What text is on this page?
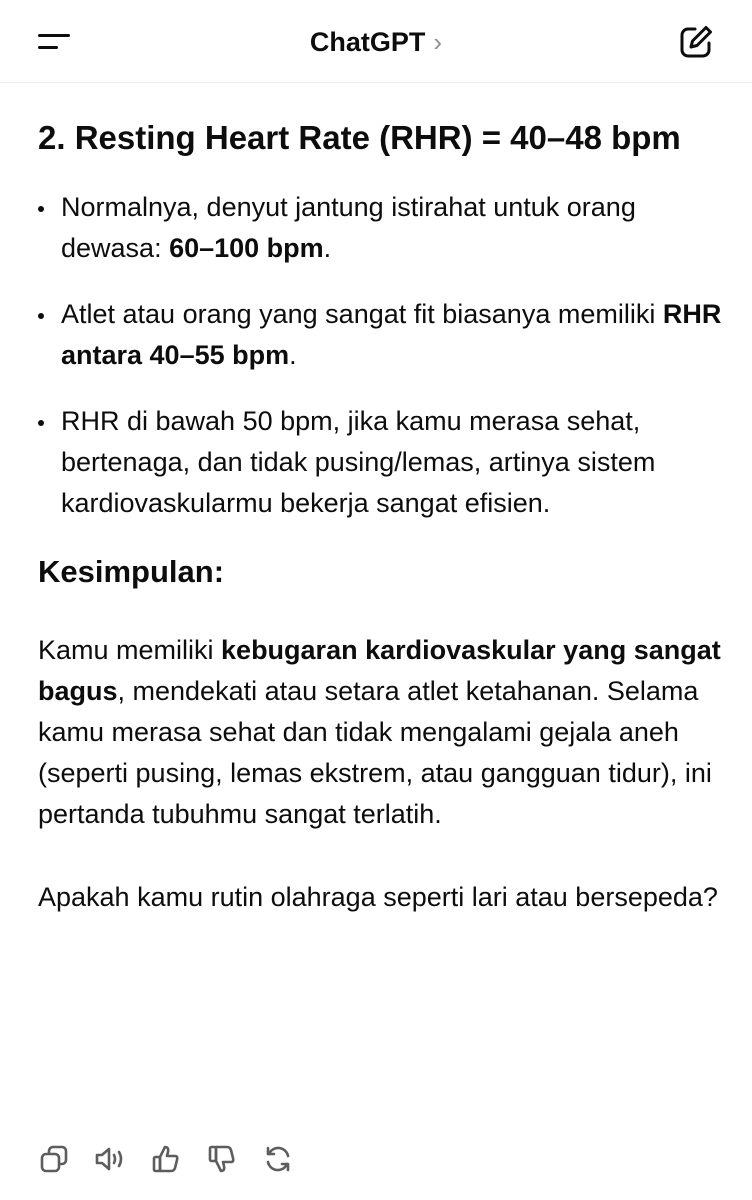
ChatGPT ›
2. Resting Heart Rate (RHR) = 40–48 bpm
Normalnya, denyut jantung istirahat untuk orang dewasa: 60–100 bpm.
Atlet atau orang yang sangat fit biasanya memiliki RHR antara 40–55 bpm.
RHR di bawah 50 bpm, jika kamu merasa sehat, bertenaga, dan tidak pusing/lemas, artinya sistem kardiovaskularmu bekerja sangat efisien.
Kesimpulan:

Kamu memiliki kebugaran kardiovaskular yang sangat bagus, mendekati atau setara atlet ketahanan. Selama kamu merasa sehat dan tidak mengalami gejala aneh (seperti pusing, lemas ekstrem, atau gangguan tidur), ini pertanda tubuhmu sangat terlatih.

Apakah kamu rutin olahraga seperti lari atau bersepeda?
